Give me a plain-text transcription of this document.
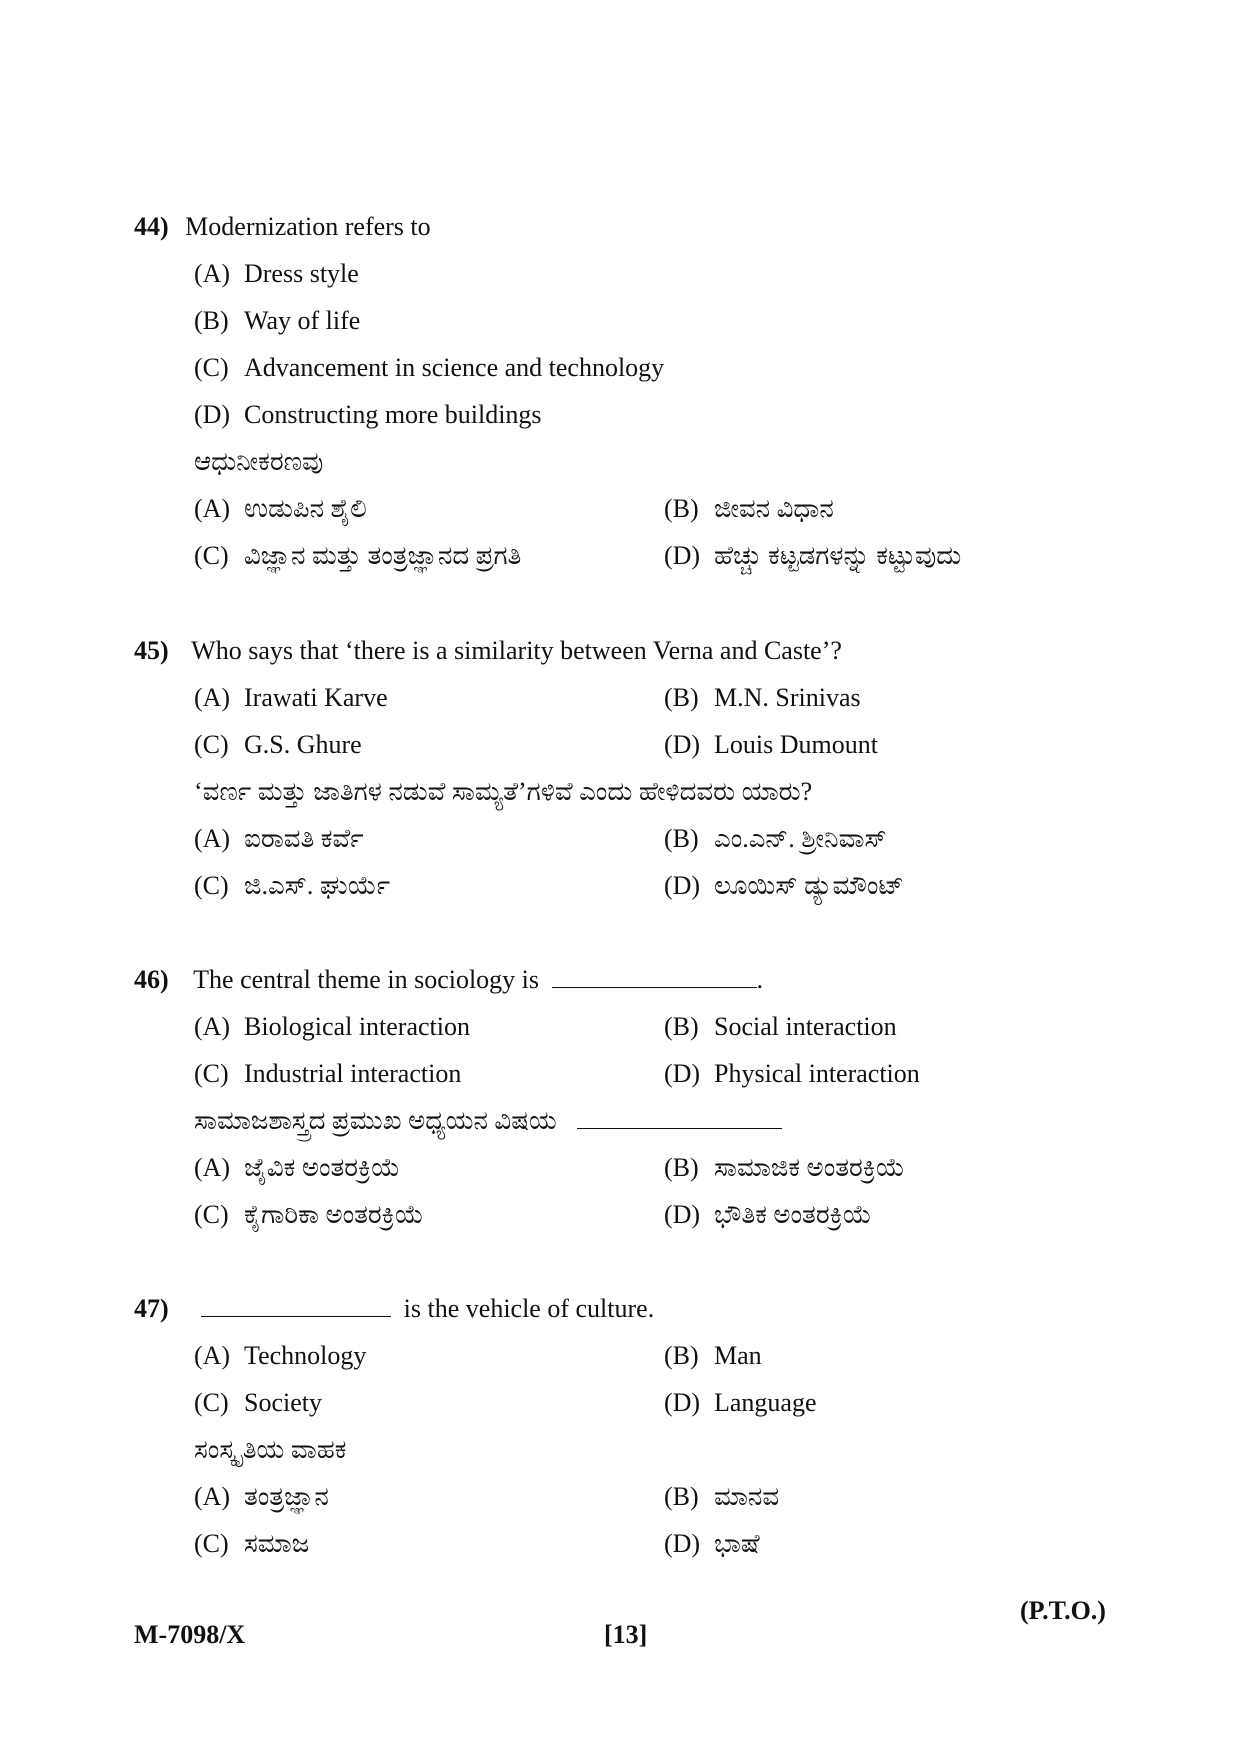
44) Modernization refers to
(A) Dress style
(B) Way of life
(C) Advancement in science and technology
(D) Constructing more buildings
ಆಧುನೀಕರಣವು
(A) ಉಡುಪಿನ ಶೈಲಿ	(B) ಜೀವನ ವಿಧಾನ
(C) ವಿಜ್ಞಾನ ಮತ್ತು ತಂತ್ರಜ್ಞಾನದ ಪ್ರಗತಿ	(D) ಹೆಚ್ಚು ಕಟ್ಟಡಗಳನ್ನು ಕಟ್ಟುವುದು
45) Who says that ‘there is a similarity between Verna and Caste’?
(A) Irawati Karve	(B) M.N. Srinivas
(C) G.S. Ghure	(D) Louis Dumount
‘ವರ್ಣ ಮತ್ತು ಜಾತಿಗಳ ನಡುವೆ ಸಾಮ್ಯತೆ’ಗಳಿವೆ ಎಂದು ಹೇಳಿದವರು ಯಾರು?
(A) ಐರಾವತಿ ಕರ್ವೆ	(B) ಎಂ.ಎನ್. ಶ್ರೀನಿವಾಸ್
(C) ಜಿ.ಎಸ್. ಘುರ್ಯೆ	(D) ಲೂಯಿಸ್ ಡ್ಯುಮೌಂಟ್
46) The central theme in sociology is	.
(A) Biological interaction	(B) Social interaction
(C) Industrial interaction	(D) Physical interaction
ಸಾಮಾಜಶಾಸ್ತ್ರದ ಪ್ರಮುಖ ಅಧ್ಯಯನ ವಿಷಯ
(A) ಜೈವಿಕ ಅಂತರಕ್ರಿಯೆ	(B) ಸಾಮಾಜಿಕ ಅಂತರಕ್ರಿಯೆ
(C) ಕೈಗಾರಿಕಾ ಅಂತರಕ್ರಿಯೆ	(D) ಭೌತಿಕ ಅಂತರಕ್ರಿಯೆ
47)	is the vehicle of culture.
(A) Technology	(B) Man
(C) Society	(D) Language
ಸಂಸ್ಕೃತಿಯ ವಾಹಕ
(A) ತಂತ್ರಜ್ಞಾನ	(B) ಮಾನವ
(C) ಸಮಾಜ	(D) ಭಾಷೆ
(P.T.O.)
M-7098/X	[13]
